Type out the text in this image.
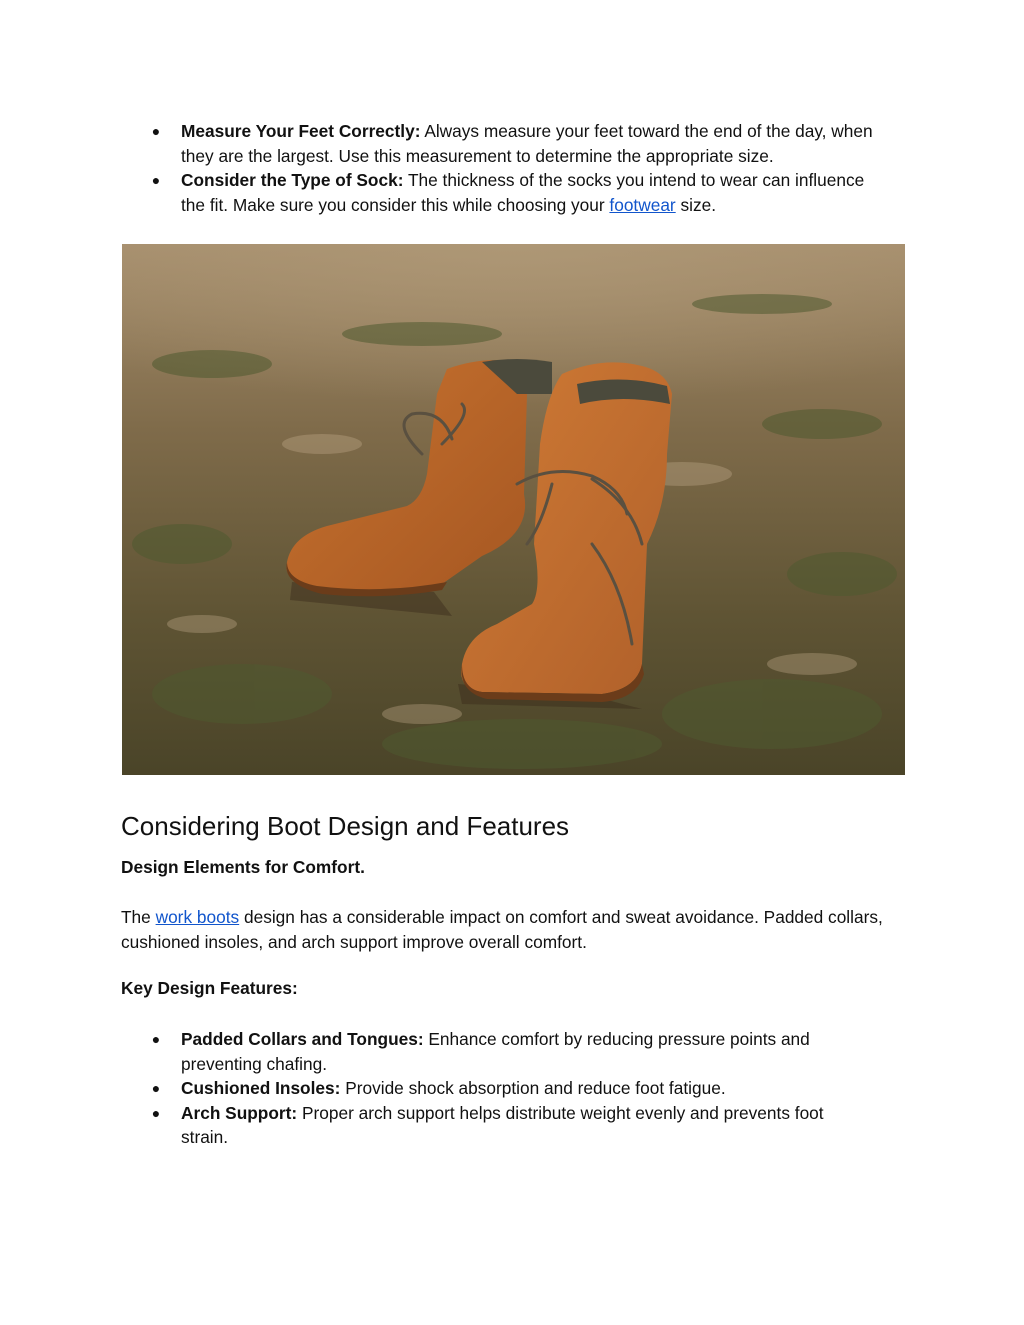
●	Measure Your Feet Correctly: Always measure your feet toward the end of the day, when they are the largest. Use this measurement to determine the appropriate size.
●	Consider the Type of Sock: The thickness of the socks you intend to wear can influence the fit. Make sure you consider this while choosing your footwear size.
Considering Boot Design and Features

Design Elements for Comfort.

The work boots design has a considerable impact on comfort and sweat avoidance. Padded collars, cushioned insoles, and arch support improve overall comfort.

Key Design Features:

●	Padded Collars and Tongues: Enhance comfort by reducing pressure points and preventing chafing.
●	Cushioned Insoles: Provide shock absorption and reduce foot fatigue.
●	Arch Support: Proper arch support helps distribute weight evenly and prevents foot strain.
